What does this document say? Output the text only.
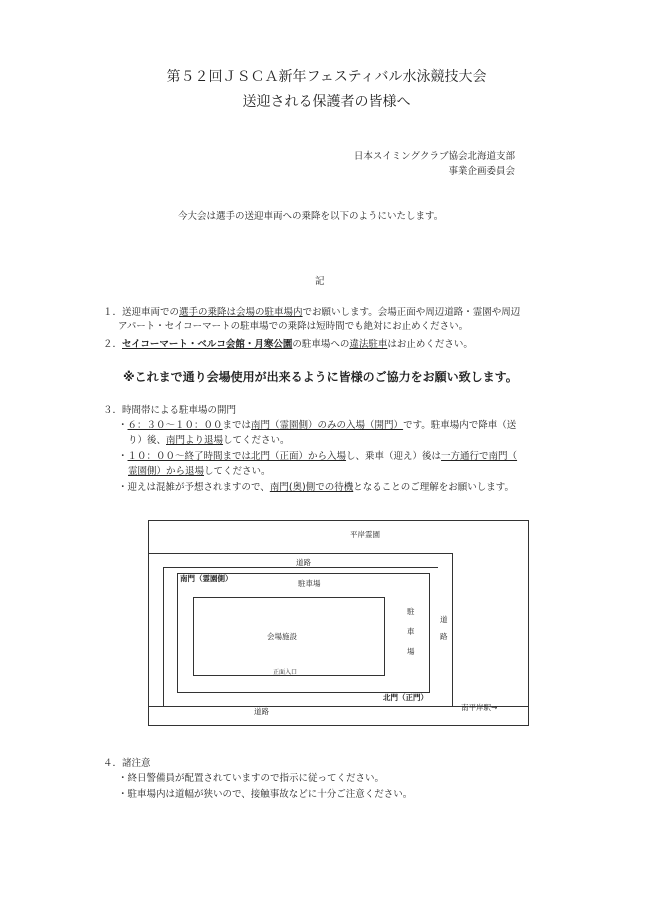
第５２回ＪＳＣＡ新年フェスティバル水泳競技大会
送迎される保護者の皆様へ
日本スイミングクラブ協会北海道支部
事業企画委員会
今大会は選手の送迎車両への乗降を以下のようにいたします。
記
１．送迎車両での選手の乗降は会場の駐車場内でお願いします。会場正面や周辺道路・霊園や周辺
アパート・セイコーマートの駐車場での乗降は短時間でも絶対にお止めください。
２．セイコーマート・ベルコ会館・月寒公園の駐車場への違法駐車はお止めください。
※これまで通り会場使用が出来るように皆様のご協力をお願い致します。
３．時間帯による駐車場の開門
・６：３０～１０：００までは南門（霊園側）のみの入場（開門）です。駐車場内で降車（送
り）後、南門より退場してください。
・１０：００～終了時間までは北門（正面）から入場し、乗車（迎え）後は一方通行で南門（
霊園側）から退場してください。
・迎えは混雑が予想されますので、南門(奥)側での待機となることのご理解をお願いします。
平岸霊園
道路
南門（霊園側）
駐車場
会場施設
正面入口
駐
車
場
道
路
北門（正門）
道路	南平岸駅→
４．諸注意
・終日警備員が配置されていますので指示に従ってください。
・駐車場内は道幅が狭いので、接触事故などに十分ご注意ください。
